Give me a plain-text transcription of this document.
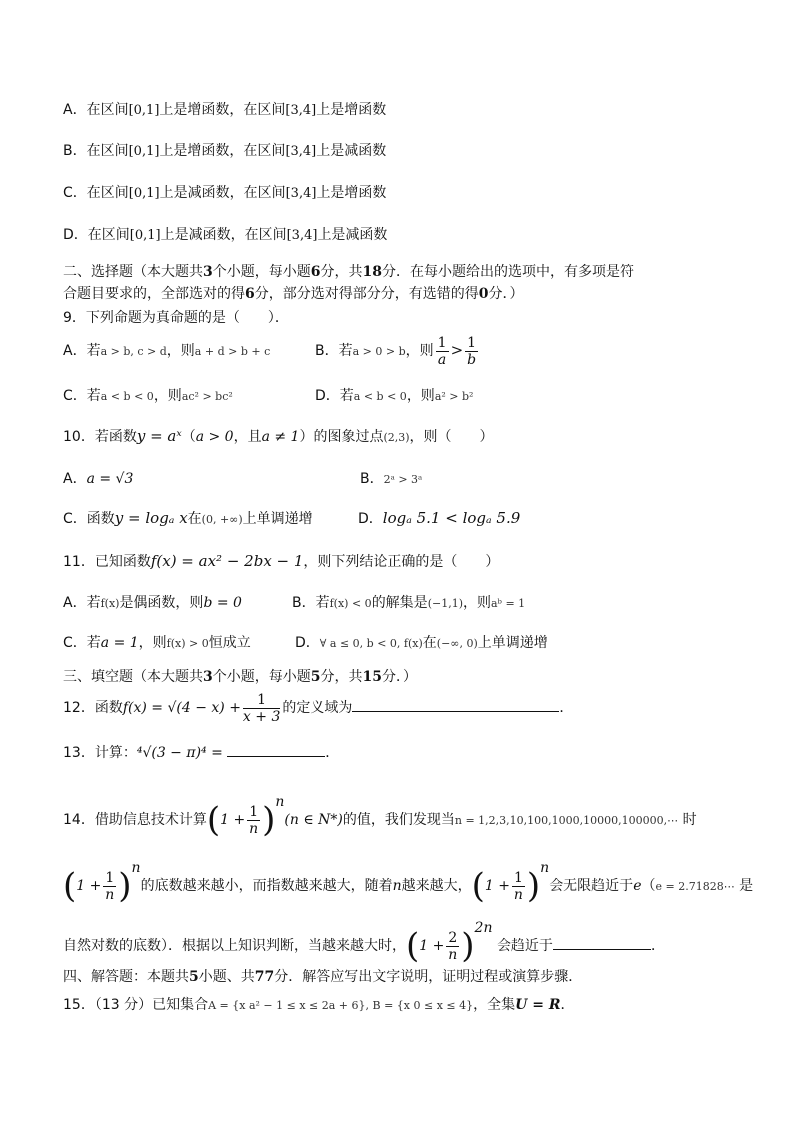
A．在区间[0,1]上是增函数，在区间[3,4]上是增函数
B．在区间[0,1]上是增函数，在区间[3,4]上是减函数
C．在区间[0,1]上是减函数，在区间[3,4]上是增函数
D．在区间[0,1]上是减函数，在区间[3,4]上是减函数
二、选择题（本大题共3个小题，每小题6分，共18分．在每小题给出的选项中，有多项是符
合题目要求的，全部选对的得6分，部分选对得部分分，有选错的得0分．）
9．下列命题为真命题的是（　　）．
A．若a > b, c > d，则a + d > b + c	B．若a > 0 > b，则 $\frac{1}{a} > \frac{1}{b}$
C．若a < b < 0，则ac² > bc²	D．若a < b < 0，则a² > b²
10．若函数y = aˣ（a > 0，且a ≠ 1）的图象过点(2,3)，则（　　）
A．a = √3	B．2ᵃ > 3ᵃ
C．函数y = logₐ x在(0, +∞)上单调递增	D．logₐ 5.1 < logₐ 5.9
11．已知函数f(x) = ax² − 2bx − 1，则下列结论正确的是（　　）
A．若f(x)是偶函数，则b = 0	B．若f(x) < 0的解集是(−1,1)，则aᵇ = 1
C．若a = 1，则f(x) > 0恒成立	D．∀ a ≤ 0, b < 0, f(x)在(−∞, 0)上单调递增
三、填空题（本大题共3个小题，每小题5分，共15分．）
12．函数$f(x) = √(4 - x) + \frac{1}{x + 3}$ 的定义域为	．
13．计算：⁴√(3 − π)⁴ =	．
14．借助信息技术计算$(1 + \frac{1}{n} )^n(n$ ∈ N*)的值，我们发现当n = 1,2,3,10,100,1000,10000,100000,⋯ 时
$(1 + \frac{1}{n} )^n$的底数越来越小，而指数越来越大，随着n越来越大，$(1 + \frac{1}{n} )^n$会无限趋近于e（e = 2.71828⋯ 是
自然对数的底数）．根据以上知识判断，当越来越大时，$(1 + \frac{2}{n} )^{2n}$ 会趋近于	．
四、解答题：本题共5小题、共77分．解答应写出文字说明，证明过程或演算步骤．
15．（13 分）已知集合A = {x a² − 1 ≤ x ≤ 2a + 6}, B = {x 0 ≤ x ≤ 4}，全集U = R．
